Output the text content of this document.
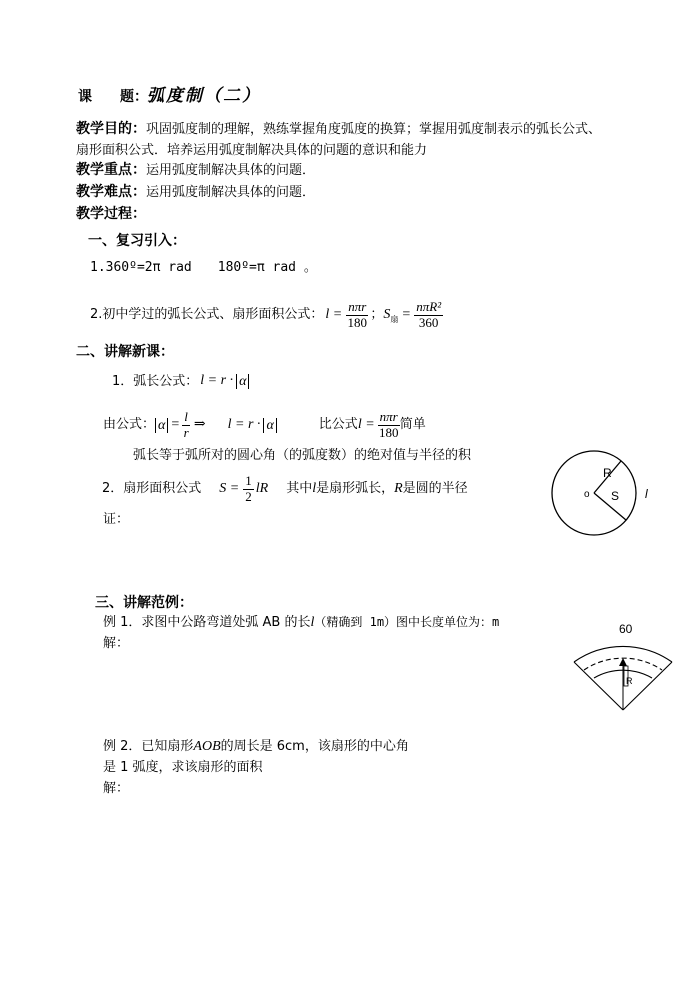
课　　题： 弧度制（二）
教学目的：巩固弧度制的理解，熟练掌握角度弧度的换算；掌握用弧度制表示的弧长公式、
扇形面积公式．培养运用弧度制解决具体的问题的意识和能力
教学重点：运用弧度制解决具体的问题．
教学难点：运用弧度制解决具体的问题．
教学过程：
一、复习引入：
1.360º=2π rad　　180º=π rad 。
2.初中学过的弧长公式、扇形面积公式： $l = \frac{\text{nπr}}{180}$ ； S 扇 = $\frac{\text{nπR²}}{360}$
二、讲解新课：
1．弧长公式： l = r · α
由公式： $\alpha = \frac{l}{r}$ ⇒ l = r · α	比公式 $l = \frac{\text{nπr}}{180}$ 简单
弧长等于弧所对的圆心角（的弧度数）的绝对值与半径的积
2．扇形面积公式 $S = \frac{1}{2}$ lR 其中 l 是扇形弧长， R 是圆的半径
证：
R
S
o	l
三、讲解范例：
例 1．求图中公路弯道处弧 AB 的长l（精确到 1m）图中长度单位为：m
解：
R
60
例 2．已知扇形AOB的周长是 6cm，该扇形的中心角
是 1 弧度，求该扇形的面积
解：
